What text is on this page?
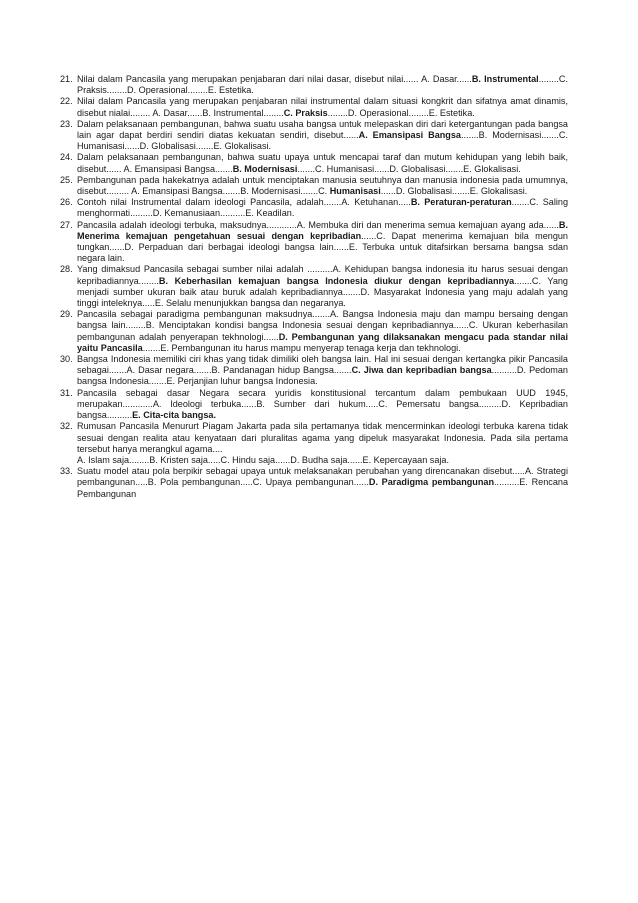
21. Nilai dalam Pancasila yang merupakan penjabaran dari nilai dasar, disebut nilai...... A. Dasar......B. Instrumental........C. Praksis........D. Operasional........E. Estetika.
22. Nilai dalam Pancasila yang merupakan penjabaran nilai instrumental dalam situasi kongkrit dan sifatnya amat dinamis, disebut nialai........ A. Dasar......B. Instrumental........C. Praksis........D. Operasional........E. Estetika.
23. Dalam pelaksanaan pembangunan, bahwa suatu usaha bangsa untuk melepaskan diri dari ketergantungan pada bangsa lain agar dapat berdiri sendiri diatas kekuatan sendiri, disebut......A. Emansipasi Bangsa.......B. Modernisasi.......C. Humanisasi......D. Globalisasi.......E. Glokalisasi.
24. Dalam pelaksanaan pembangunan, bahwa suatu upaya untuk mencapai taraf dan mutum kehidupan yang lebih baik, disebut...... A. Emansipasi Bangsa.......B. Modernisasi.......C. Humanisasi......D. Globalisasi.......E. Glokalisasi.
25. Pembangunan pada hakekatnya adalah untuk menciptakan manusia seutuhnya dan manusia indonesia pada umumnya, disebut......... A. Emansipasi Bangsa.......B. Modernisasi.......C. Humanisasi......D. Globalisasi.......E. Glokalisasi.
26. Contoh nilai Instrumental dalam ideologi Pancasila, adalah.......A. Ketuhanan.....B. Peraturan-peraturan.......C. Saling menghormati.........D. Kemanusiaan..........E. Keadilan.
27. Pancasila adalah ideologi terbuka, maksudnya............A. Membuka diri dan menerima semua kemajuan ayang ada......B. Menerima kemajuan pengetahuan sesuai dengan kepribadian......C. Dapat menerima kemajuan bila mengun tungkan......D. Perpaduan dari berbagai ideologi bangsa lain......E. Terbuka untuk ditafsirkan bersama bangsa sdan negara lain.
28. Yang dimaksud Pancasila sebagai sumber nilai adalah ..........A. Kehidupan bangsa indonesia itu harus sesuai dengan kepribadiannya........B. Keberhasilan kemajuan bangsa Indonesia diukur dengan kepribadiannya.......C. Yang menjadi sumber ukuran baik atau buruk adalah kepribadiannya.......D. Masyarakat Indonesia yang maju adalah yang tinggi inteleknya.....E. Selalu menunjukkan bangsa dan negaranya.
29. Pancasila sebagai paradigma pembangunan maksudnya.......A. Bangsa Indonesia maju dan mampu bersaing dengan bangsa lain........B. Menciptakan kondisi bangsa Indonesia sesuai dengan kepribadiannya......C. Ukuran keberhasilan pembangunan adalah penyerapan tekhnologi......D. Pembangunan yang dilaksanakan mengacu pada standar nilai yaitu Pancasila.......E. Pembangunan itu harus mampu menyerap tenaga kerja dan tekhnologi.
30. Bangsa Indonesia memiliki ciri khas yang tidak dimiliki oleh bangsa lain. Hal ini sesuai dengan kertangka pikir Pancasila sebagai.......A. Dasar negara.......B. Pandanagan hidup Bangsa.......C. Jiwa dan kepribadian bangsa..........D. Pedoman bangsa Indonesia.......E. Perjanjian luhur bangsa Indonesia.
31. Pancasila sebagai dasar Negara secara yuridis konstitusional tercantum dalam pembukaan UUD 1945, merupakan............A. Ideologi terbuka......B. Sumber dari hukum.....C. Pemersatu bangsa.........D. Kepribadian bangsa..........E. Cita-cita bangsa.
32. Rumusan Pancasila Menururt Piagam Jakarta pada sila pertamanya tidak mencerminkan ideologi terbuka karena tidak sesuai dengan realita atau kenyataan dari pluralitas agama yang dipeluk masyarakat Indonesia. Pada sila pertama tersebut hanya merangkul agama....
A. Islam saja........B. Kristen saja.....C. Hindu saja......D. Budha saja......E. Kepercayaan saja.
33. Suatu model atau pola berpikir sebagai upaya untuk melaksanakan perubahan yang direncanakan disebut.....A. Strategi pembangunan.....B. Pola pembangunan.....C. Upaya pembangunan......D. Paradigma pembangunan..........E. Rencana Pembangunan
